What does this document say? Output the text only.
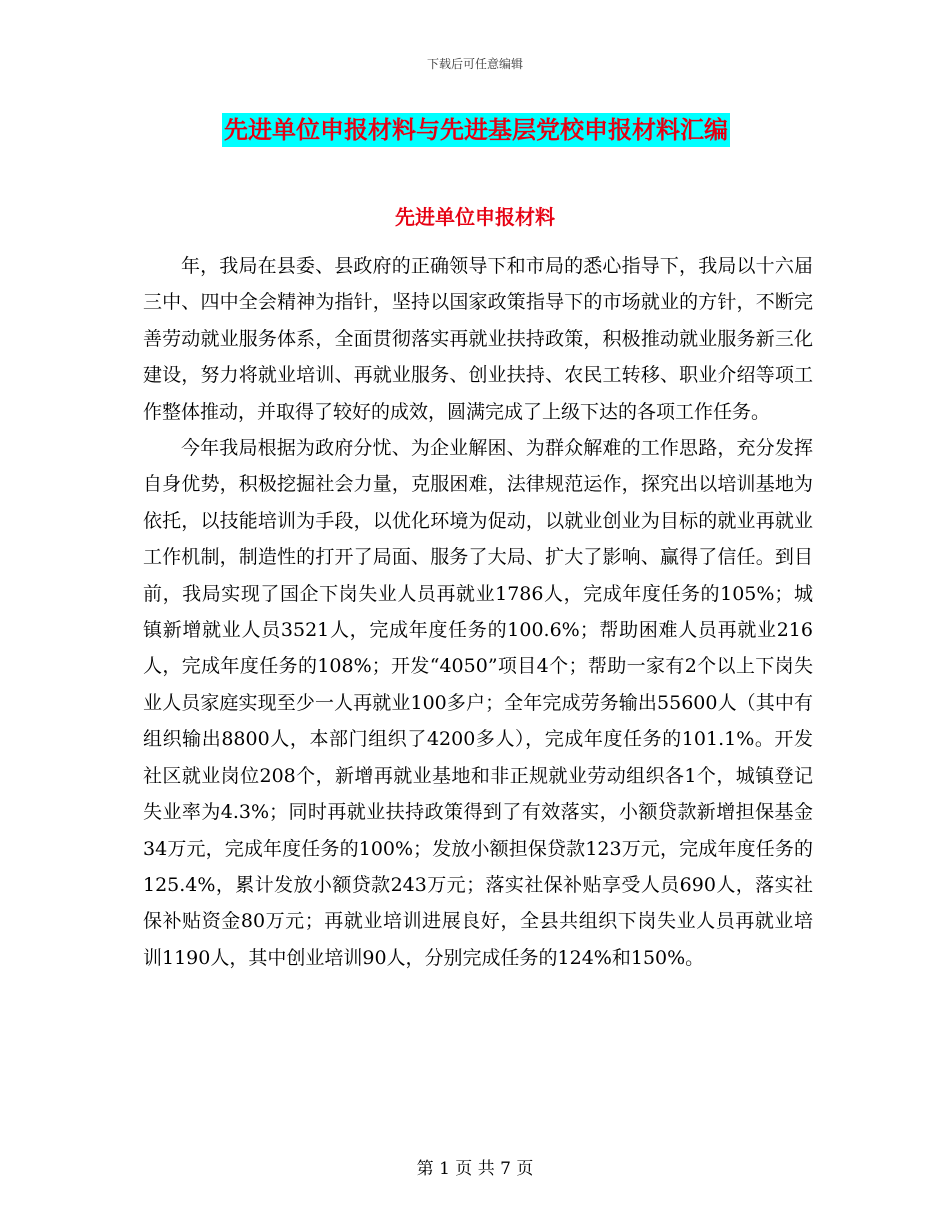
下载后可任意编辑
先进单位申报材料与先进基层党校申报材料汇编
先进单位申报材料

年，我局在县委、县政府的正确领导下和市局的悉心指导下，我局以十六届三中、四中全会精神为指针，坚持以国家政策指导下的市场就业的方针，不断完善劳动就业服务体系，全面贯彻落实再就业扶持政策，积极推动就业服务新三化建设，努力将就业培训、再就业服务、创业扶持、农民工转移、职业介绍等项工作整体推动，并取得了较好的成效，圆满完成了上级下达的各项工作任务。

今年我局根据为政府分忧、为企业解困、为群众解难的工作思路，充分发挥自身优势，积极挖掘社会力量，克服困难，法律规范运作，探究出以培训基地为依托，以技能培训为手段，以优化环境为促动，以就业创业为目标的就业再就业工作机制，制造性的打开了局面、服务了大局、扩大了影响、赢得了信任。到目前，我局实现了国企下岗失业人员再就业1786人，完成年度任务的105%；城镇新增就业人员3521人，完成年度任务的100.6%；帮助困难人员再就业216人，完成年度任务的108%；开发“4050”项目4个；帮助一家有2个以上下岗失业人员家庭实现至少一人再就业100多户；全年完成劳务输出55600人（其中有组织输出8800人，本部门组织了4200多人），完成年度任务的101.1%。开发社区就业岗位208个，新增再就业基地和非正规就业劳动组织各1个，城镇登记失业率为4.3%；同时再就业扶持政策得到了有效落实，小额贷款新增担保基金34万元，完成年度任务的100%；发放小额担保贷款123万元，完成年度任务的125.4%，累计发放小额贷款243万元；落实社保补贴享受人员690人，落实社保补贴资金80万元；再就业培训进展良好，全县共组织下岗失业人员再就业培训1190人，其中创业培训90人，分别完成任务的124%和150%。

第 1 页 共 7 页
